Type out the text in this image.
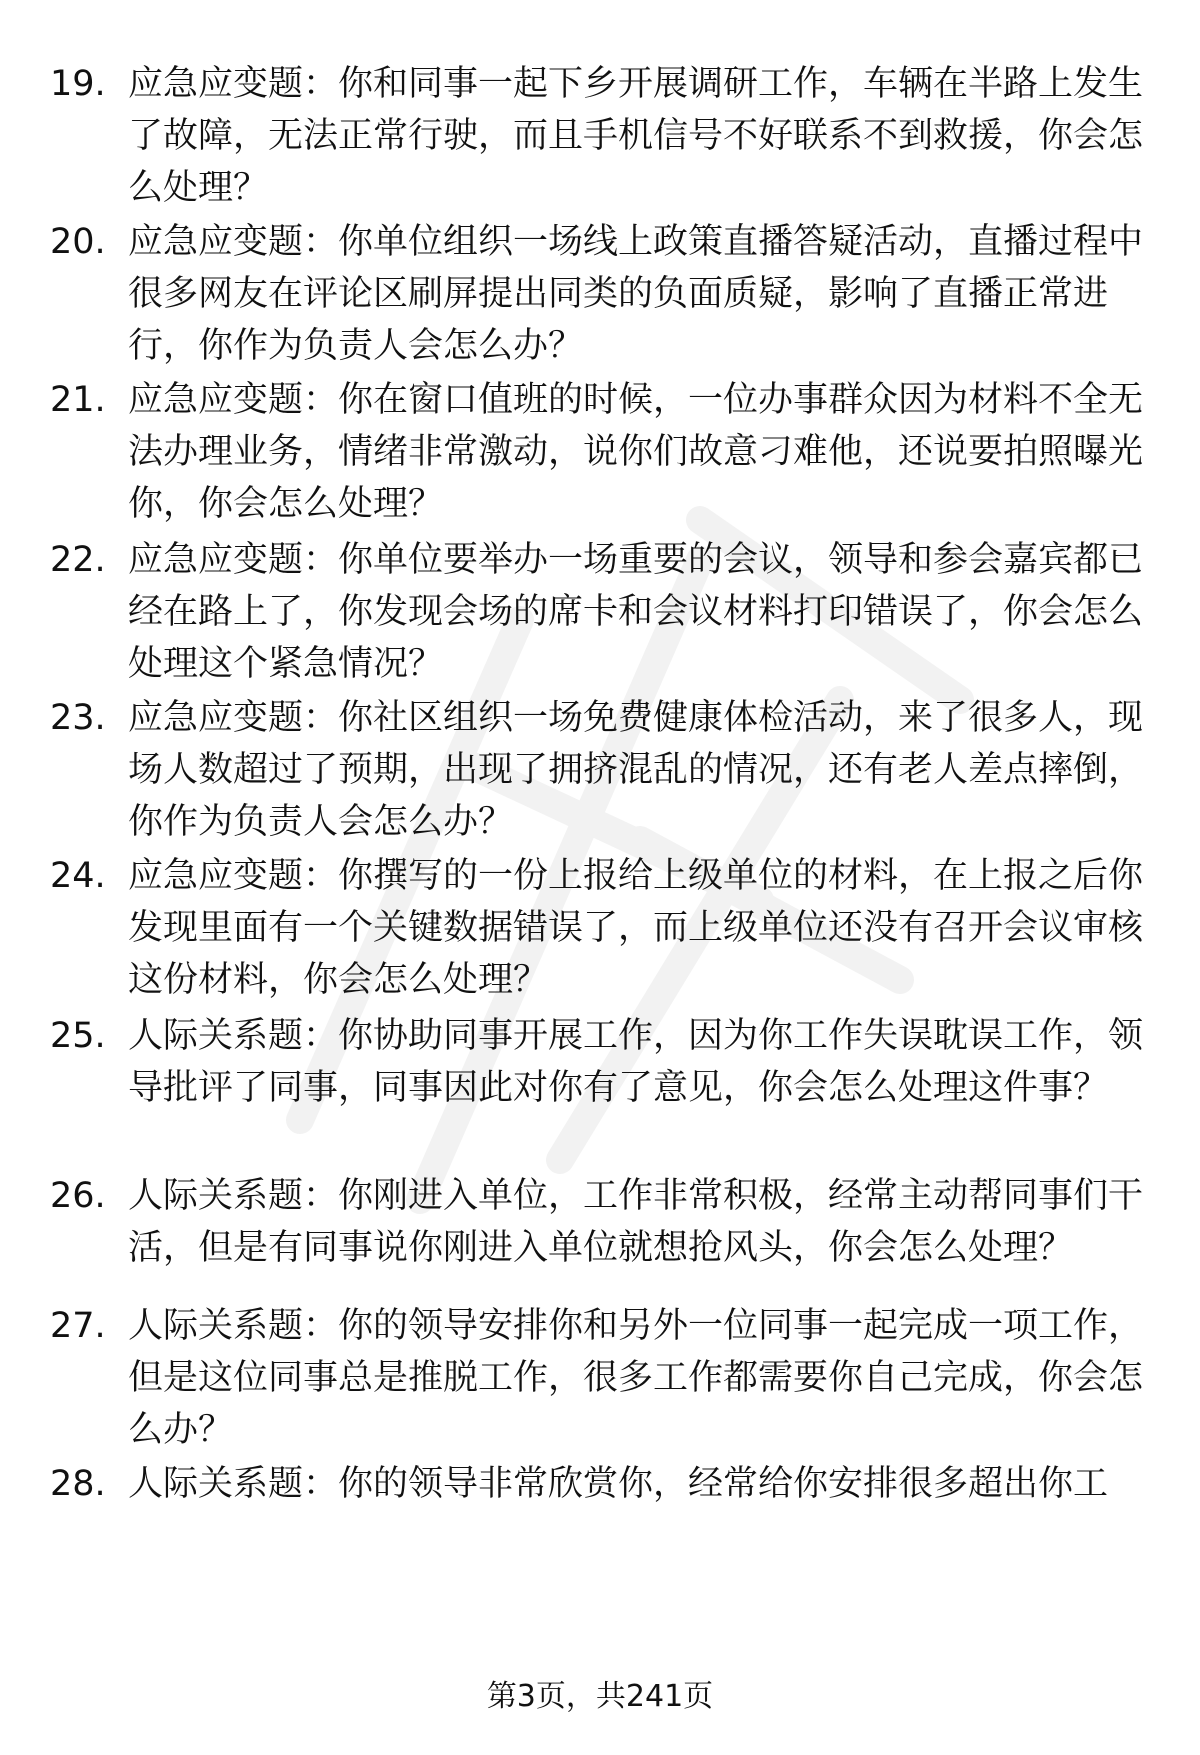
19. 应急应变题：你和同事一起下乡开展调研工作，车辆在半路上发生了故障，无法正常行驶，而且手机信号不好联系不到救援，你会怎么处理？
20. 应急应变题：你单位组织一场线上政策直播答疑活动，直播过程中很多网友在评论区刷屏提出同类的负面质疑，影响了直播正常进行，你作为负责人会怎么办？
21. 应急应变题：你在窗口值班的时候，一位办事群众因为材料不全无法办理业务，情绪非常激动，说你们故意刁难他，还说要拍照曝光你，你会怎么处理？
22. 应急应变题：你单位要举办一场重要的会议，领导和参会嘉宾都已经在路上了，你发现会场的席卡和会议材料打印错误了，你会怎么处理这个紧急情况？
23. 应急应变题：你社区组织一场免费健康体检活动，来了很多人，现场人数超过了预期，出现了拥挤混乱的情况，还有老人差点摔倒，你作为负责人会怎么办？
24. 应急应变题：你撰写的一份上报给上级单位的材料，在上报之后你发现里面有一个关键数据错误了，而上级单位还没有召开会议审核这份材料，你会怎么处理？
25. 人际关系题：你协助同事开展工作，因为你工作失误耽误工作，领导批评了同事，同事因此对你有了意见，你会怎么处理这件事？
26. 人际关系题：你刚进入单位，工作非常积极，经常主动帮同事们干活，但是有同事说你刚进入单位就想抢风头，你会怎么处理？
27. 人际关系题：你的领导安排你和另外一位同事一起完成一项工作，但是这位同事总是推脱工作，很多工作都需要你自己完成，你会怎么办？
28. 人际关系题：你的领导非常欣赏你，经常给你安排很多超出你工
第3页，共241页
